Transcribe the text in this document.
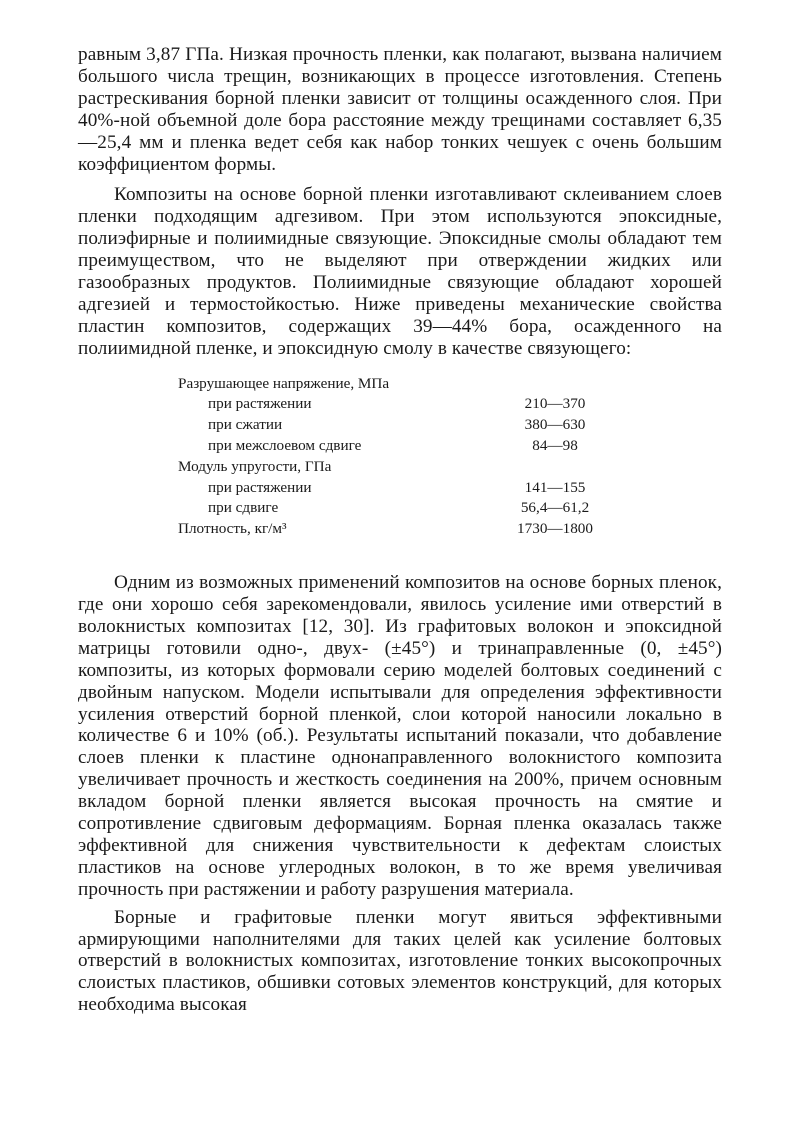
равным 3,87 ГПа. Низкая прочность пленки, как полагают, вызвана наличием большого числа трещин, возникающих в процессе изготовления. Степень растрескивания борной пленки зависит от толщины осажденного слоя. При 40%-ной объемной доле бора расстояние между трещинами составляет 6,35—25,4 мм и пленка ведет себя как набор тонких чешуек с очень большим коэффициентом формы.

Композиты на основе борной пленки изготавливают склеиванием слоев пленки подходящим адгезивом. При этом используются эпоксидные, полиэфирные и полиимидные связующие. Эпоксидные смолы обладают тем преимуществом, что не выделяют при отверждении жидких или газообразных продуктов. Полиимидные связующие обладают хорошей адгезией и термостойкостью. Ниже приведены механические свойства пластин композитов, содержащих 39—44% бора, осажденного на полиимидной пленке, и эпоксидную смолу в качестве связующего:

Разрушающее напряжение, МПа	
при растяжении	210—370
при сжатии	380—630
при межслоевом сдвиге	84—98
Модуль упругости, ГПа	
при растяжении	141—155
при сдвиге	56,4—61,2
Плотность, кг/м³	1730—1800

Одним из возможных применений композитов на основе борных пленок, где они хорошо себя зарекомендовали, явилось усиление ими отверстий в волокнистых композитах [12, 30]. Из графитовых волокон и эпоксидной матрицы готовили одно-, двух- (±45°) и тринаправленные (0, ±45°) композиты, из которых формовали серию моделей болтовых соединений с двойным напуском. Модели испытывали для определения эффективности усиления отверстий борной пленкой, слои которой наносили локально в количестве 6 и 10% (об.). Результаты испытаний показали, что добавление слоев пленки к пластине однонаправленного волокнистого композита увеличивает прочность и жесткость соединения на 200%, причем основным вкладом борной пленки является высокая прочность на смятие и сопротивление сдвиговым деформациям. Борная пленка оказалась также эффективной для снижения чувствительности к дефектам слоистых пластиков на основе углеродных волокон, в то же время увеличивая прочность при растяжении и работу разрушения материала.

Борные и графитовые пленки могут явиться эффективными армирующими наполнителями для таких целей как усиление болтовых отверстий в волокнистых композитах, изготовление тонких высокопрочных слоистых пластиков, обшивки сотовых элементов конструкций, для которых необходима высокая
